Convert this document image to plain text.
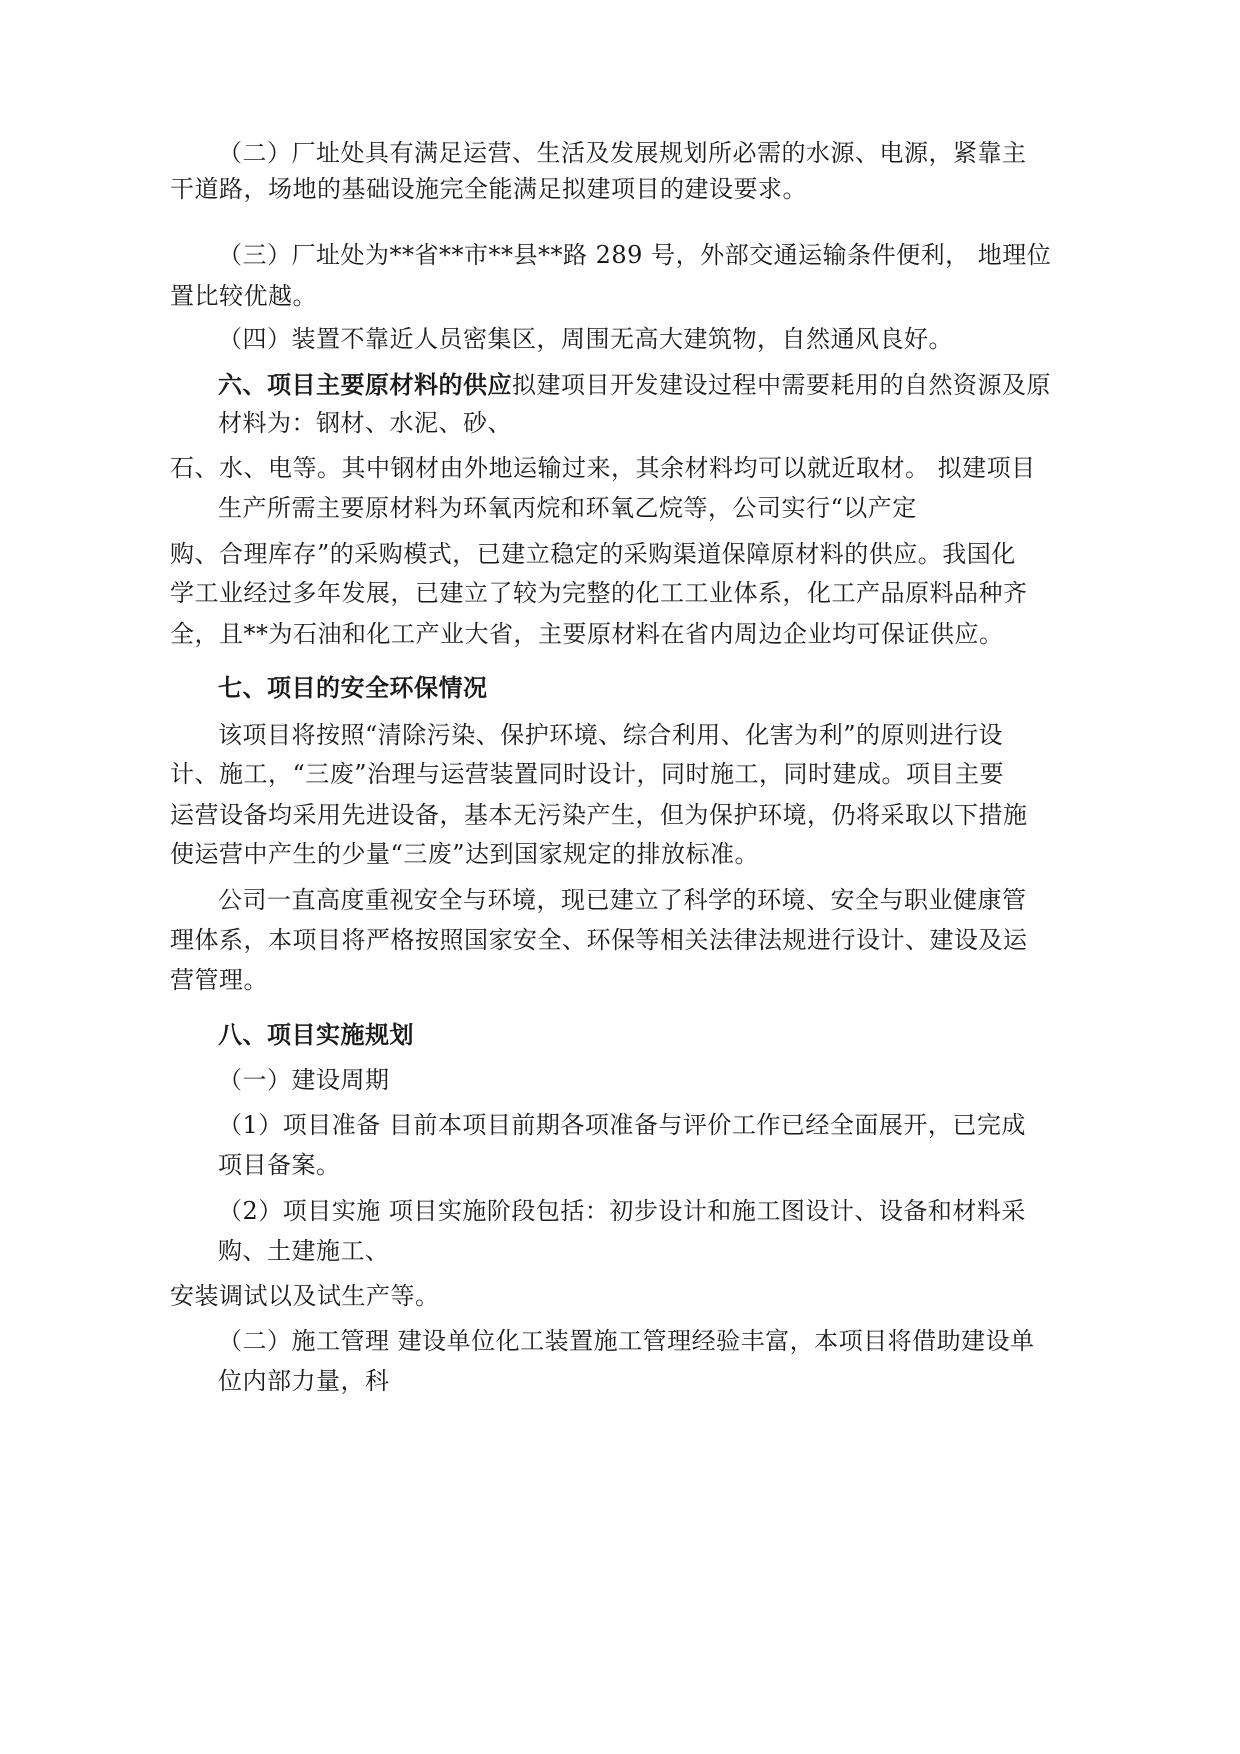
（二）厂址处具有满足运营、生活及发展规划所必需的水源、电源，紧靠主
干道路，场地的基础设施完全能满足拟建项目的建设要求。
（三）厂址处为**省**市**县**路 289 号，外部交通运输条件便利， 地理位
置比较优越。
（四）装置不靠近人员密集区，周围无高大建筑物，自然通风良好。
六、项目主要原材料的供应拟建项目开发建设过程中需要耗用的自然资源及原
材料为：钢材、水泥、砂、
石、水、电等。其中钢材由外地运输过来，其余材料均可以就近取材。 拟建项目
生产所需主要原材料为环氧丙烷和环氧乙烷等，公司实行“以产定
购、合理库存”的采购模式，已建立稳定的采购渠道保障原材料的供应。我国化
学工业经过多年发展，已建立了较为完整的化工工业体系，化工产品原料品种齐
全，且**为石油和化工产业大省，主要原材料在省内周边企业均可保证供应。
七、项目的安全环保情况
该项目将按照“清除污染、保护环境、综合利用、化害为利”的原则进行设
计、施工，“三废”治理与运营装置同时设计，同时施工，同时建成。项目主要
运营设备均采用先进设备，基本无污染产生，但为保护环境，仍将采取以下措施
使运营中产生的少量“三废”达到国家规定的排放标准。
公司一直高度重视安全与环境，现已建立了科学的环境、安全与职业健康管
理体系，本项目将严格按照国家安全、环保等相关法律法规进行设计、建设及运
营管理。
八、项目实施规划
（一）建设周期
（1）项目准备 目前本项目前期各项准备与评价工作已经全面展开，已完成
项目备案。
（2）项目实施 项目实施阶段包括：初步设计和施工图设计、设备和材料采
购、土建施工、
安装调试以及试生产等。
（二）施工管理 建设单位化工装置施工管理经验丰富，本项目将借助建设单
位内部力量，科
